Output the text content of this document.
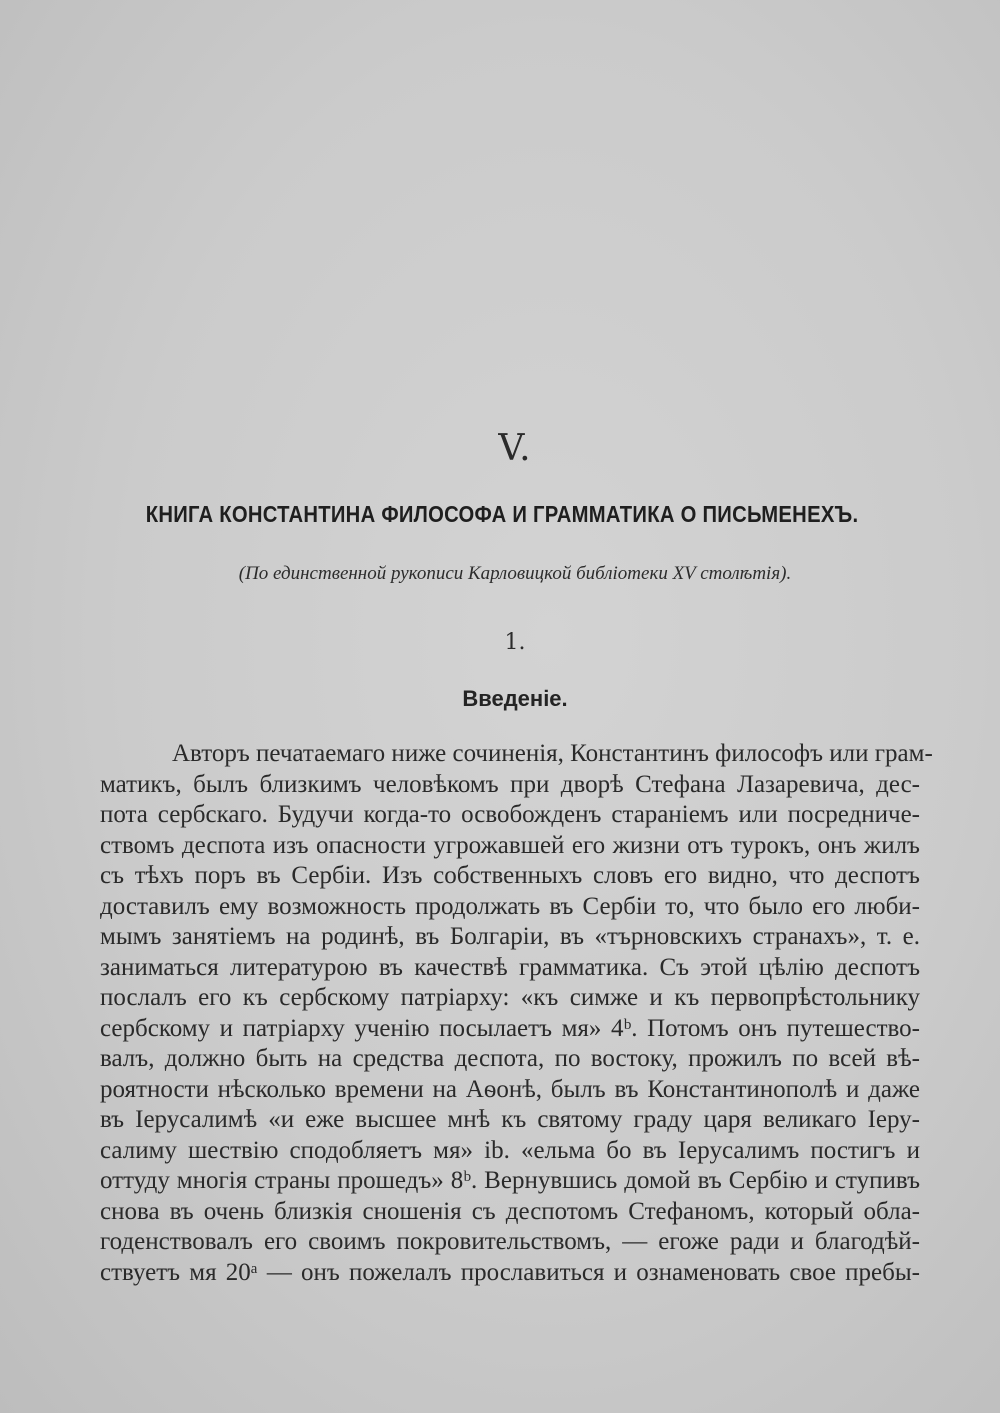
V.
КНИГА КОНСТАНТИНА ФИЛОСОФА И ГРАММАТИКА О ПИСЬМЕНЕХЪ.
(По единственной рукописи Карловицкой библіотеки XV столѣтія).
1.
Введеніе.
Авторъ печатаемаго ниже сочиненія, Константинъ философъ или грам-
матикъ, былъ близкимъ человѣкомъ при дворѣ Стефана Лазаревича, дес-
пота сербскаго. Будучи когда-то освобожденъ стараніемъ или посредниче-
ствомъ деспота изъ опасности угрожавшей его жизни отъ турокъ, онъ жилъ
съ тѣхъ поръ въ Сербіи. Изъ собственныхъ словъ его видно, что деспотъ
доставилъ ему возможность продолжать въ Сербіи то, что было его люби-
мымъ занятіемъ на родинѣ, въ Болгаріи, въ «търновскихъ странахъ», т. е.
заниматься литературою въ качествѣ грамматика. Съ этой цѣлію деспотъ
послалъ его къ сербскому патріарху: «къ симже и къ первопрѣстольнику
сербскому и патріарху ученію посылаетъ мя» 4ᵇ. Потомъ онъ путешество-
валъ, должно быть на средства деспота, по востоку, прожилъ по всей вѣ-
роятности нѣсколько времени на Аѳонѣ, былъ въ Константинополѣ и даже
въ Іерусалимѣ «и еже высшее мнѣ къ святому граду царя великаго Іеру-
салиму шествію сподобляетъ мя» іb. «ельма бо въ Іерусалимъ постигъ и
оттуду многія страны прошедъ» 8ᵇ. Вернувшись домой въ Сербію и ступивъ
снова въ очень близкія сношенія съ деспотомъ Стефаномъ, который обла-
годенствовалъ его своимъ покровительствомъ, — егоже ради и благодѣй-
ствуетъ мя 20ᵃ — онъ пожелалъ прославиться и ознаменовать свое пребы-
